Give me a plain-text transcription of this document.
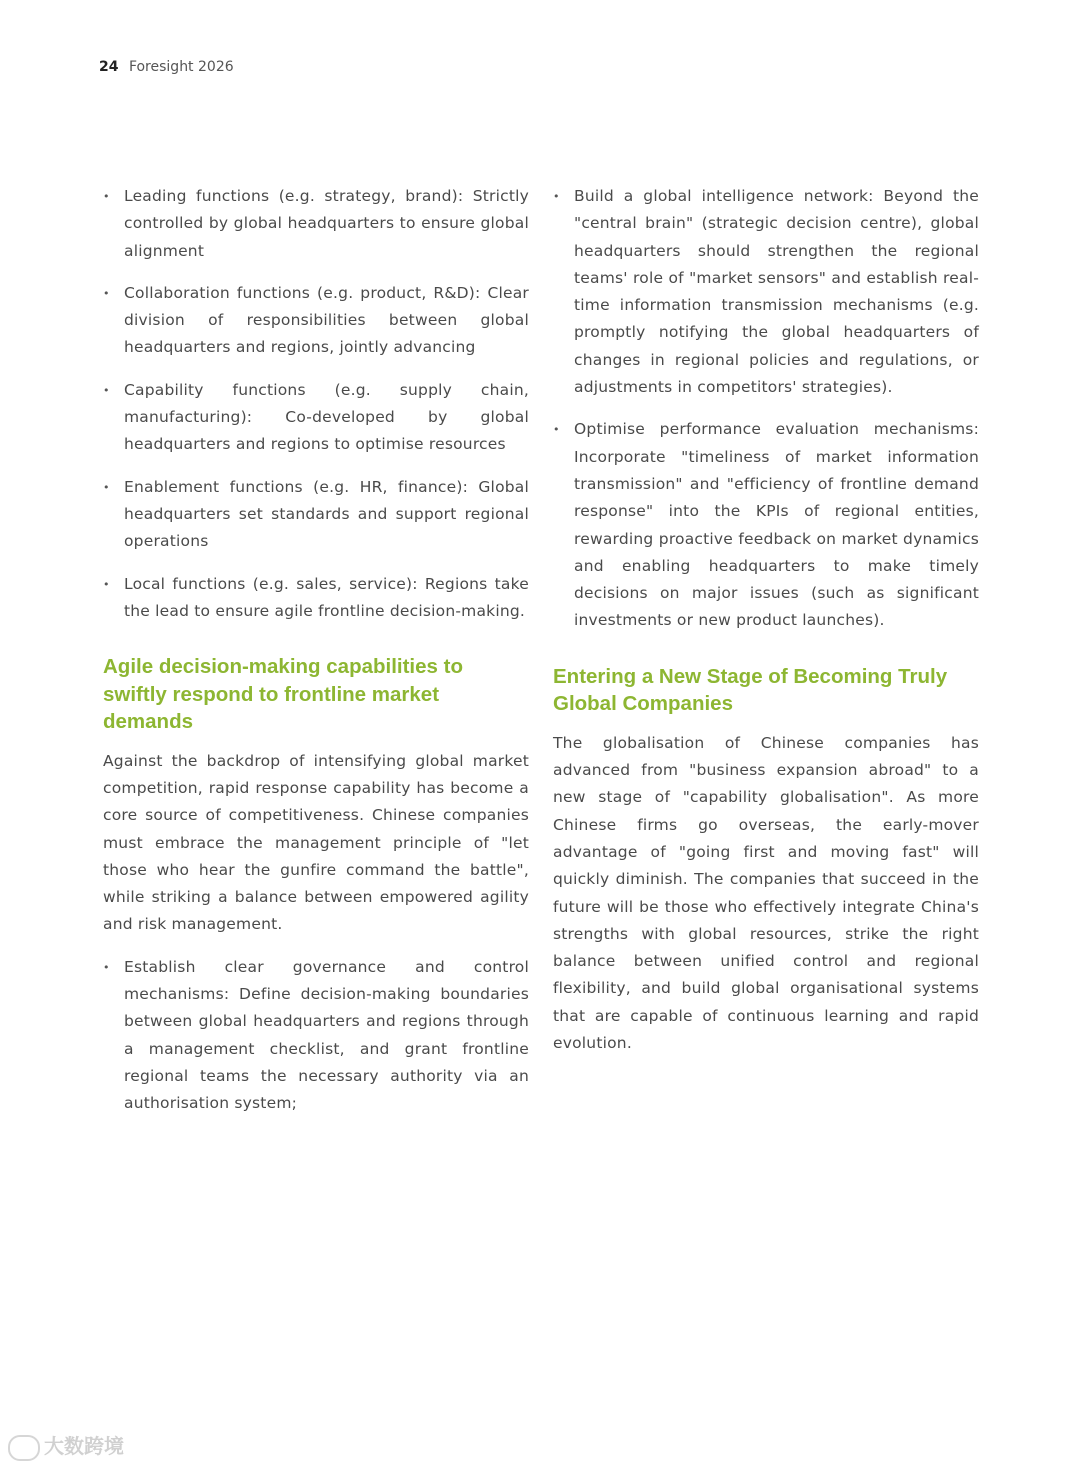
24 Foresight 2026
• Leading functions (e.g. strategy, brand): Strictly controlled by global headquarters to ensure global alignment
• Collaboration functions (e.g. product, R&D): Clear division of responsibilities between global headquarters and regions, jointly advancing
• Capability functions (e.g. supply chain, manufacturing): Co-developed by global headquarters and regions to optimise resources
• Enablement functions (e.g. HR, finance): Global headquarters set standards and support regional operations
• Local functions (e.g. sales, service): Regions take the lead to ensure agile frontline decision-making.
Agile decision-making capabilities to swiftly respond to frontline market demands

Against the backdrop of intensifying global market competition, rapid response capability has become a core source of competitiveness. Chinese companies must embrace the management principle of "let those who hear the gunfire command the battle", while striking a balance between empowered agility and risk management.

• Establish clear governance and control mechanisms: Define decision-making boundaries between global headquarters and regions through a management checklist, and grant frontline regional teams the necessary authority via an authorisation system;
• Build a global intelligence network: Beyond the "central brain" (strategic decision centre), global headquarters should strengthen the regional teams' role of "market sensors" and establish real-time information transmission mechanisms (e.g. promptly notifying the global headquarters of changes in regional policies and regulations, or adjustments in competitors' strategies).
• Optimise performance evaluation mechanisms: Incorporate "timeliness of market information transmission" and "efficiency of frontline demand response" into the KPIs of regional entities, rewarding proactive feedback on market dynamics and enabling headquarters to make timely decisions on major issues (such as significant investments or new product launches).
Entering a New Stage of Becoming Truly Global Companies

The globalisation of Chinese companies has advanced from "business expansion abroad" to a new stage of "capability globalisation". As more Chinese firms go overseas, the early-mover advantage of "going first and moving fast" will quickly diminish. The companies that succeed in the future will be those who effectively integrate China's strengths with global resources, strike the right balance between unified control and regional flexibility, and build global organisational systems that are capable of continuous learning and rapid evolution.

大数跨境
